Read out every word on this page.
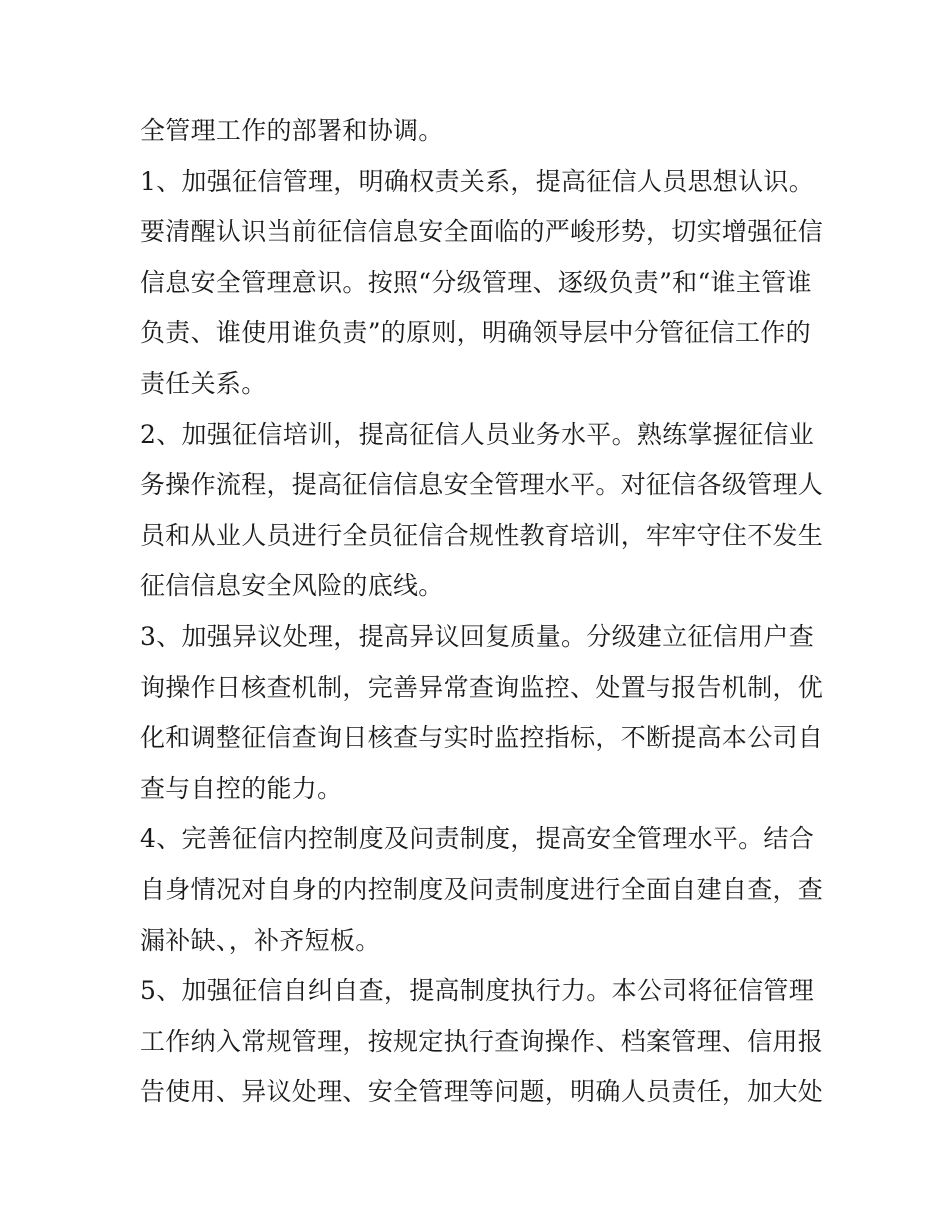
全管理工作的部署和协调。
1、加强征信管理，明确权责关系，提高征信人员思想认识。
要清醒认识当前征信信息安全面临的严峻形势，切实增强征信
信息安全管理意识。按照“分级管理、逐级负责”和“谁主管谁
负责、谁使用谁负责”的原则，明确领导层中分管征信工作的
责任关系。
2、加强征信培训，提高征信人员业务水平。熟练掌握征信业
务操作流程，提高征信信息安全管理水平。对征信各级管理人
员和从业人员进行全员征信合规性教育培训，牢牢守住不发生
征信信息安全风险的底线。
3、加强异议处理，提高异议回复质量。分级建立征信用户查
询操作日核查机制，完善异常查询监控、处置与报告机制，优
化和调整征信查询日核查与实时监控指标，不断提高本公司自
查与自控的能力。
4、完善征信内控制度及问责制度，提高安全管理水平。结合
自身情况对自身的内控制度及问责制度进行全面自建自查，查
漏补缺、，补齐短板。
5、加强征信自纠自查，提高制度执行力。本公司将征信管理
工作纳入常规管理，按规定执行查询操作、档案管理、信用报
告使用、异议处理、安全管理等问题，明确人员责任，加大处
